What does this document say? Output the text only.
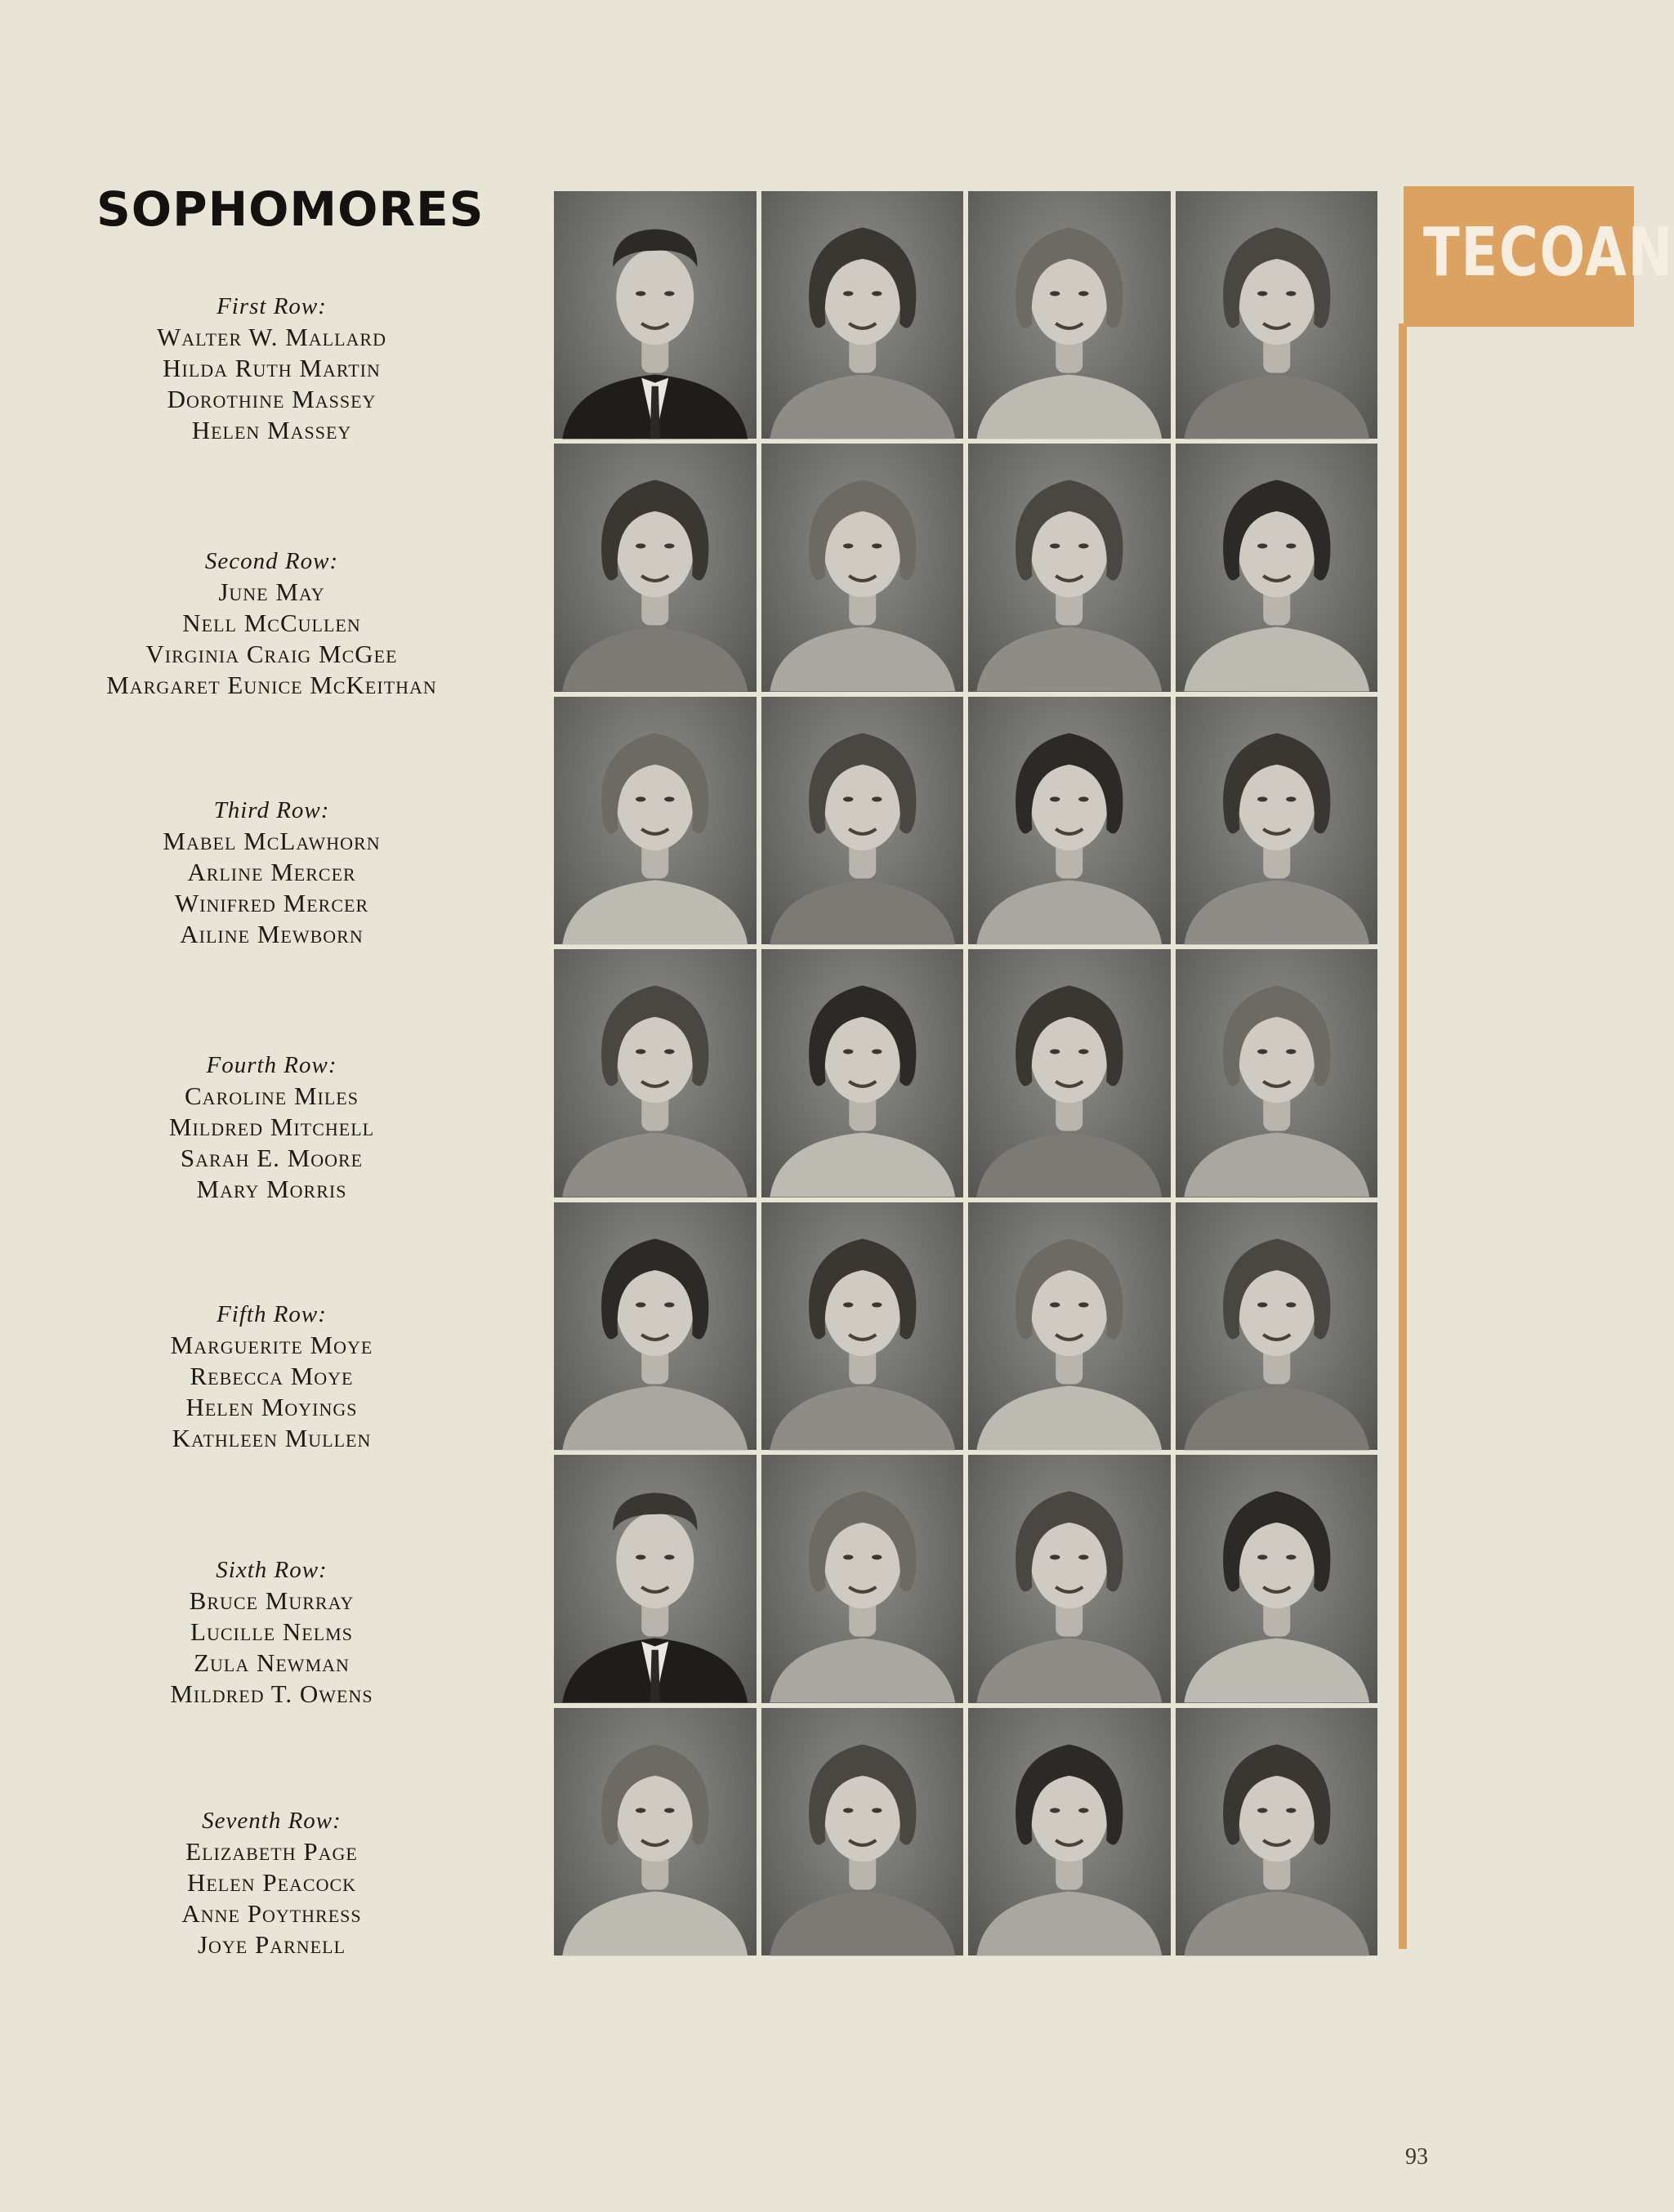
SOPHOMORES
First Row:
Walter W. Mallard
Hilda Ruth Martin
Dorothine Massey
Helen Massey
Second Row:
June May
Nell McCullen
Virginia Craig McGee
Margaret Eunice McKeithan
Third Row:
Mabel McLawhorn
Arline Mercer
Winifred Mercer
Ailine Mewborn
Fourth Row:
Caroline Miles
Mildred Mitchell
Sarah E. Moore
Mary Morris
Fifth Row:
Marguerite Moye
Rebecca Moye
Helen Moyings
Kathleen Mullen
Sixth Row:
Bruce Murray
Lucille Nelms
Zula Newman
Mildred T. Owens
Seventh Row:
Elizabeth Page
Helen Peacock
Anne Poythress
Joye Parnell
TECOAN
93
